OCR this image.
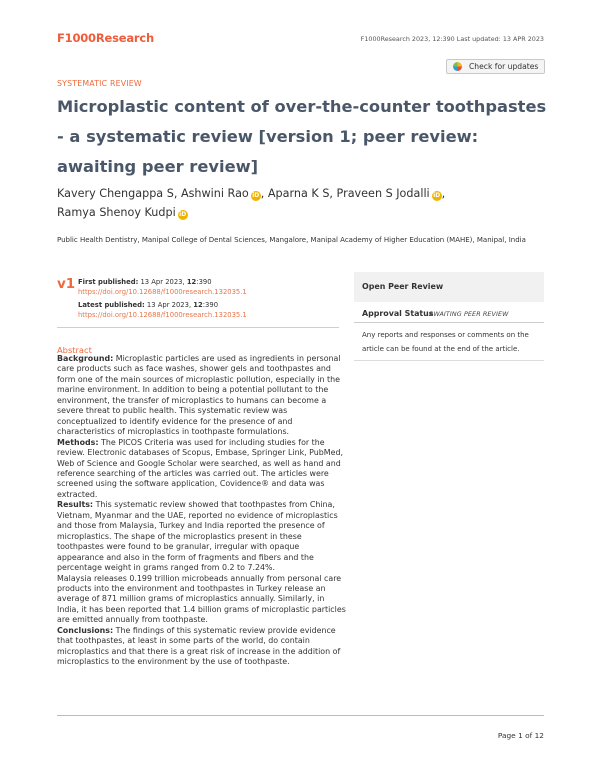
F1000Research	F1000Research 2023, 12:390 Last updated: 13 APR 2023
Check for updates
SYSTEMATIC REVIEW
Microplastic content of over-the-counter toothpastes - a systematic review [version 1; peer review: awaiting peer review]
Kavery Chengappa S, Ashwini Rao iD, Aparna K S, Praveen S Jodalli iD,
Ramya Shenoy Kudpi iD
Public Health Dentistry, Manipal College of Dental Sciences, Mangalore, Manipal Academy of Higher Education (MAHE), Manipal, India
v1 First published: 13 Apr 2023, 12:390
https://doi.org/10.12688/f1000research.132035.1
Latest published: 13 Apr 2023, 12:390
https://doi.org/10.12688/f1000research.132035.1
Abstract

Background: Microplastic particles are used as ingredients in personal care products such as face washes, shower gels and toothpastes and form one of the main sources of microplastic pollution, especially in the marine environment. In addition to being a potential pollutant to the environment, the transfer of microplastics to humans can become a severe threat to public health. This systematic review was conceptualized to identify evidence for the presence of and characteristics of microplastics in toothpaste formulations.

Methods: The PICOS Criteria was used for including studies for the review. Electronic databases of Scopus, Embase, Springer Link, PubMed, Web of Science and Google Scholar were searched, as well as hand and reference searching of the articles was carried out. The articles were screened using the software application, Covidence® and data was extracted.

Results: This systematic review showed that toothpastes from China, Vietnam, Myanmar and the UAE, reported no evidence of microplastics and those from Malaysia, Turkey and India reported the presence of microplastics. The shape of the microplastics present in these toothpastes were found to be granular, irregular with opaque appearance and also in the form of fragments and fibers and the percentage weight in grams ranged from 0.2 to 7.24%.

Malaysia releases 0.199 trillion microbeads annually from personal care products into the environment and toothpastes in Turkey release an average of 871 million grams of microplastics annually. Similarly, in India, it has been reported that 1.4 billion grams of microplastic particles are emitted annually from toothpaste.

Conclusions: The findings of this systematic review provide evidence that toothpastes, at least in some parts of the world, do contain microplastics and that there is a great risk of increase in the addition of microplastics to the environment by the use of toothpaste.

Open Peer Review
Approval Status
AWAITING PEER REVIEW
Any reports and responses or comments on the article can be found at the end of the article.
Page 1 of 12
